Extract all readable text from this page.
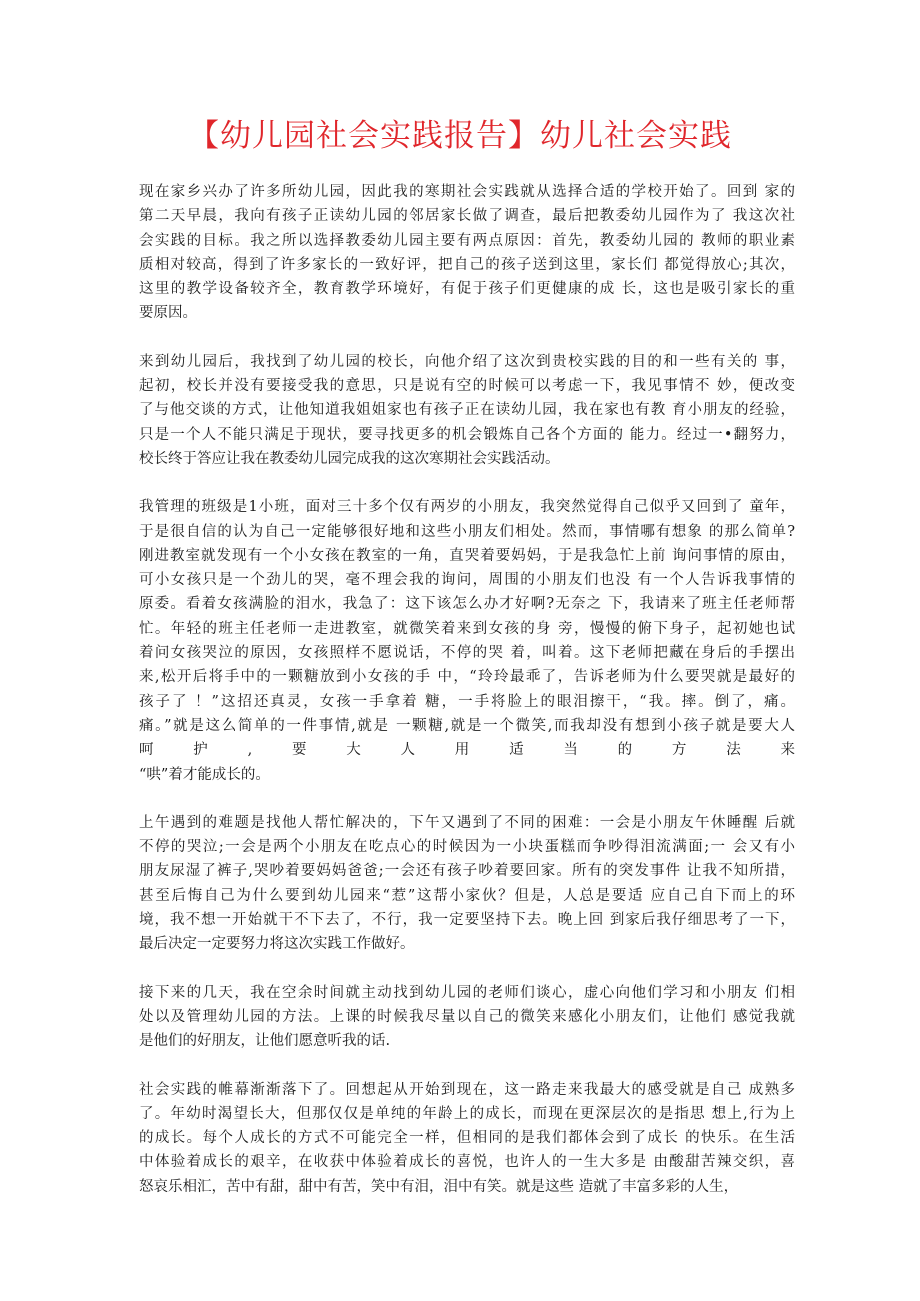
【幼儿园社会实践报告】幼儿社会实践

现在家乡兴办了许多所幼儿园，因此我的寒期社会实践就从选择合适的学校开始了。回到 家的
第二天早晨，我向有孩子正读幼儿园的邻居家长做了调查，最后把教委幼儿园作为了 我这次社
会实践的目标。我之所以选择教委幼儿园主要有两点原因：首先，教委幼儿园的 教师的职业素
质相对较高，得到了许多家长的一致好评，把自己的孩子送到这里，家长们 都觉得放心;其次，
这里的教学设备较齐全，教育教学环境好，有促于孩子们更健康的成 长，这也是吸引家长的重
要原因。

来到幼儿园后，我找到了幼儿园的校长，向他介绍了这次到贵校实践的目的和一些有关的 事，
起初，校长并没有要接受我的意思，只是说有空的时候可以考虑一下，我见事情不 妙，便改变
了与他交谈的方式，让他知道我姐姐家也有孩子正在读幼儿园，我在家也有教 育小朋友的经验，
只是一个人不能只满足于现状，要寻找更多的机会锻炼自己各个方面的 能力。经过一•翻努力，
校长终于答应让我在教委幼儿园完成我的这次寒期社会实践活动。

我管理的班级是1小班，面对三十多个仅有两岁的小朋友，我突然觉得自己似乎又回到了 童年，
于是很自信的认为自己一定能够很好地和这些小朋友们相处。然而，事情哪有想象 的那么简单?
刚进教室就发现有一个小女孩在教室的一角，直哭着要妈妈，于是我急忙上前 询问事情的原由，
可小女孩只是一个劲儿的哭，毫不理会我的询问，周围的小朋友们也没 有一个人告诉我事情的
原委。看着女孩满脸的泪水，我急了：这下该怎么办才好啊?无奈之 下，我请来了班主任老师帮
忙。年轻的班主任老师一走进教室，就微笑着来到女孩的身 旁，慢慢的俯下身子，起初她也试
着问女孩哭泣的原因，女孩照样不愿说话，不停的哭 着，叫着。这下老师把藏在身后的手摆出
来,松开后将手中的一颗糖放到小女孩的手 中，“玲玲最乖了，告诉老师为什么要哭就是最好的
孩子了 ！”这招还真灵，女孩一手拿着 糖，一手将脸上的眼泪擦干，“我。摔。倒了，痛。
痛。”就是这么简单的一件事情,就是 一颗糖,就是一个微笑,而我却没有想到小孩子就是要大人
呵护,要大人用适当的方法来
“哄”着才能成长的。

上午遇到的难题是找他人帮忙解决的，下午又遇到了不同的困难：一会是小朋友午休睡醒 后就
不停的哭泣;一会是两个小朋友在吃点心的时候因为一小块蛋糕而争吵得泪流满面;一 会又有小
朋友尿湿了裤子,哭吵着要妈妈爸爸;一会还有孩子吵着要回家。所有的突发事件 让我不知所措，
甚至后悔自己为什么要到幼儿园来“惹”这帮小家伙？但是，人总是要适 应自己自下而上的环
境，我不想一开始就干不下去了，不行，我一定要坚持下去。晚上回 到家后我仔细思考了一下，
最后决定一定要努力将这次实践工作做好。

接下来的几天，我在空余时间就主动找到幼儿园的老师们谈心，虚心向他们学习和小朋友 们相
处以及管理幼儿园的方法。上课的时候我尽量以自己的微笑来感化小朋友们，让他们 感觉我就
是他们的好朋友，让他们愿意听我的话.

社会实践的帷幕渐渐落下了。回想起从开始到现在，这一路走来我最大的感受就是自己 成熟多
了。年幼时渴望长大，但那仅仅是单纯的年龄上的成长，而现在更深层次的是指思 想上,行为上
的成长。每个人成长的方式不可能完全一样，但相同的是我们都体会到了成长 的快乐。在生活
中体验着成长的艰辛，在收获中体验着成长的喜悦，也许人的一生大多是 由酸甜苦辣交织，喜
怒哀乐相汇，苦中有甜，甜中有苦，笑中有泪，泪中有笑。就是这些 造就了丰富多彩的人生，
